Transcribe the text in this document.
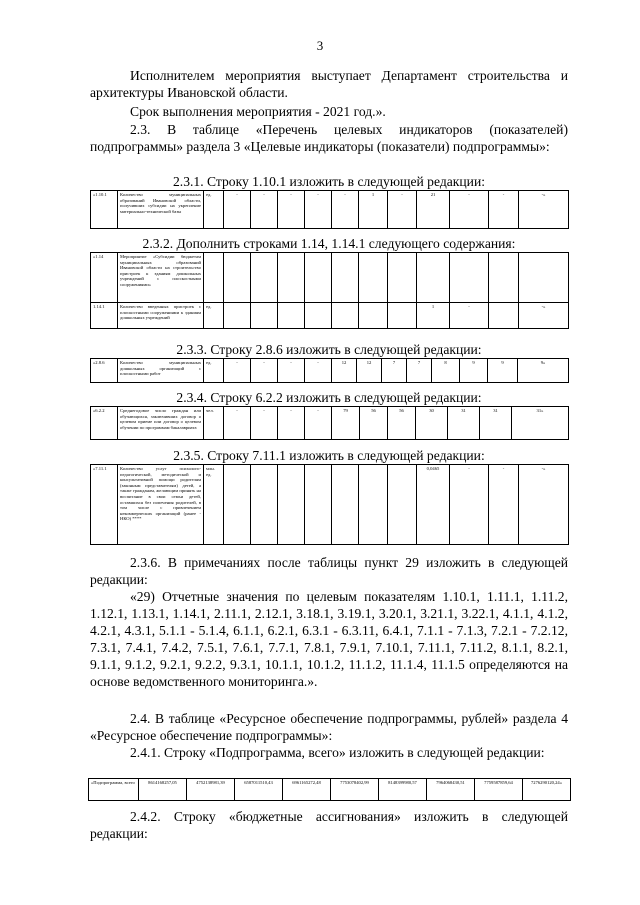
3
Исполнителем мероприятия выступает Департамент строительства и архитектуры Ивановской области.
Срок выполнения мероприятия - 2021 год.».
2.3. В таблице «Перечень целевых индикаторов (показателей) подпрограммы» раздела 3 «Целевые индикаторы (показатели) подпрограммы»:
2.3.1. Строку 1.10.1 изложить в следующей редакции:
«1.10.1	Количество муниципальных образований Ивановской области, получивших субсидии на укрепление материально-технической базы	ед.	-	-	-	-	-	1	-	21	-	-	-»
2.3.2. Дополнить строками 1.14, 1.14.1 следующего содержания:
«1.14	Мероприятие «Субсидии бюджетам муниципальных образований Ивановской области на строительство пристроек к зданиям дошкольных учреждений с плоскостными сооружениями»												
1.14.1	Количество введенных пристроек с плоскостными сооружениями к зданиям дошкольных учреждений	ед.								1	-		-»
2.3.3. Строку 2.8.6 изложить в следующей редакции:
«2.8.6	Количество муниципальных дошкольных организаций с плоскостными работ	ед.	-	-	-	-	12	12	7	7	8	9	9	9»
2.3.4. Строку 6.2.2 изложить в следующей редакции:
«6.2.2	Среднегодовое число граждан или обучающихся, заключивших договор о целевом приеме или договор о целевом обучении по программам бакалавриата	чел.	-	-	-	-	79	56	56	30	31	31	31»
2.3.5. Строку 7.11.1 изложить в следующей редакции:
«7.11.1	Количество услуг психолого-педагогической, методической и консультативной помощи родителям (законным представителям) детей, а также гражданам, желающим принять на воспитание в свои семьи детей, оставшихся без попечения родителей, в том числе с привлечением некоммерческих организаций (ранее - НКО) ****	млн. ед.								0,0465	-	-	-»
2.3.6. В примечаниях после таблицы пункт 29 изложить в следующей редакции:
«29) Отчетные значения по целевым показателям 1.10.1, 1.11.1, 1.11.2, 1.12.1, 1.13.1, 1.14.1, 2.11.1, 2.12.1, 3.18.1, 3.19.1, 3.20.1, 3.21.1, 3.22.1, 4.1.1, 4.1.2, 4.2.1, 4.3.1, 5.1.1 - 5.1.4, 6.1.1, 6.2.1, 6.3.1 - 6.3.11, 6.4.1, 7.1.1 - 7.1.3, 7.2.1 - 7.2.12, 7.3.1, 7.4.1, 7.4.2, 7.5.1, 7.6.1, 7.7.1, 7.8.1, 7.9.1, 7.10.1, 7.11.1, 7.11.2, 8.1.1, 8.2.1, 9.1.1, 9.1.2, 9.2.1, 9.2.2, 9.3.1, 10.1.1, 10.1.2, 11.1.2, 11.1.4, 11.1.5 определяются на основе ведомственного мониторинга.».
2.4. В таблице «Ресурсное обеспечение подпрограммы, рублей» раздела 4 «Ресурсное обеспечение подпрограммы»:
2.4.1. Строку «Подпрограмма, всего» изложить в следующей редакции:
«Подпрограмма, всего	8614168257,05	4752138981,39	6587011510,43	6961165272,48	7753078402,99	8148399980,57	7964068430,51	7759587859,64	7276290120,24»
2.4.2. Строку «бюджетные ассигнования» изложить в следующей редакции:
